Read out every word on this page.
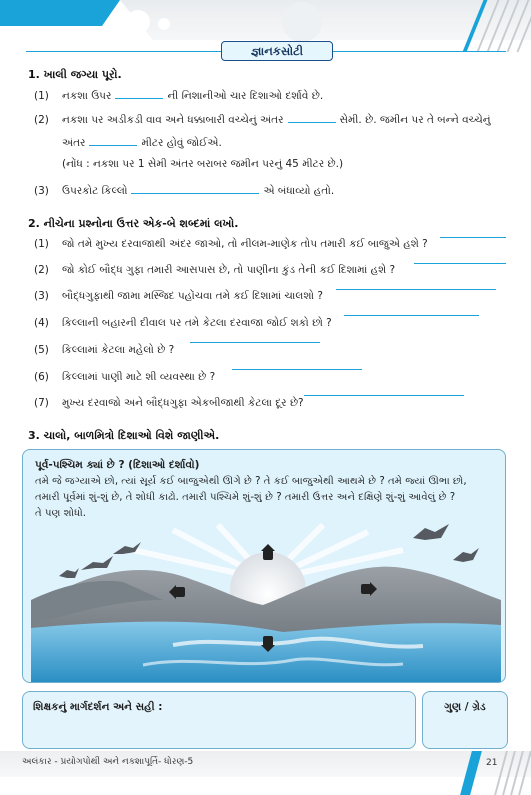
જ્ઞાનકસોટી
1. ખાલી જગ્યા પૂરો.
(1) નકશા ઉપર	ની નિશાનીઓ ચાર દિશાઓ દર્શાવે છે.
(2) નકશા પર અડીકડી વાવ અને ધક્કાબારી વચ્ચેનું અંતર	સેમી. છે. જમીન પર તે બન્ને વચ્ચેનું
અંતર	મીટર હોવું જોઈએ.
(નોંધ : નકશા પર 1 સેમી અંતર બરાબર જમીન પરનું 45 મીટર છે.)
(3) ઉપરકોટ કિલ્લો	એ બંધાવ્યો હતો.
2. નીચેના પ્રશ્નોના ઉત્તર એક-બે શબ્દમાં લખો.
(1) જો તમે મુખ્ય દરવાજાથી અંદર જાઓ, તો નીલમ-માણેક તોપ તમારી કઈ બાજુએ હશે ?
(2) જો કોઈ બૌદ્ધ ગુફા તમારી આસપાસ છે, તો પાણીના કુંડ તેની કઈ દિશામાં હશે ?
(3) બૌદ્ધગુફાથી જામા મસ્જિદ પહોંચવા તમે કઈ દિશામાં ચાલશો ?
(4) કિલ્લાની બહારની દીવાલ પર તમે કેટલા દરવાજા જોઈ શકો છો ?
(5) કિલ્લામાં કેટલા મહેલો છે ?
(6) કિલ્લામાં પાણી માટે શી વ્યવસ્થા છે ?
(7) મુખ્ય દરવાજો અને બૌદ્ધગુફા એકબીજાથી કેટલા દૂર છે?
3. ચાલો, બાળમિત્રો દિશાઓ વિશે જાણીએ.
પૂર્વ-પશ્ચિમ ક્યાં છે ? (દિશાઓ દર્શાવો)
તમે જે જગ્યાએ છો, ત્યાં સૂર્ય કઈ બાજુએથી ઊગે છે ? તે કઈ બાજુએથી આથમે છે ? તમે જ્યાં ઊભા છો,
તમારી પૂર્વમાં શું-શું છે, તે શોધી કાઢો. તમારી પશ્ચિમે શું-શું છે ? તમારી ઉત્તર અને દક્ષિણે શું-શું આવેલું છે ?
તે પણ શોધો.
શિક્ષકનું માર્ગદર્શન અને સહી :	ગુણ / ગ્રેડ
અલંકાર - પ્રયોગપોથી અને નકશાપૂર્તિ- ધોરણ-5	21
